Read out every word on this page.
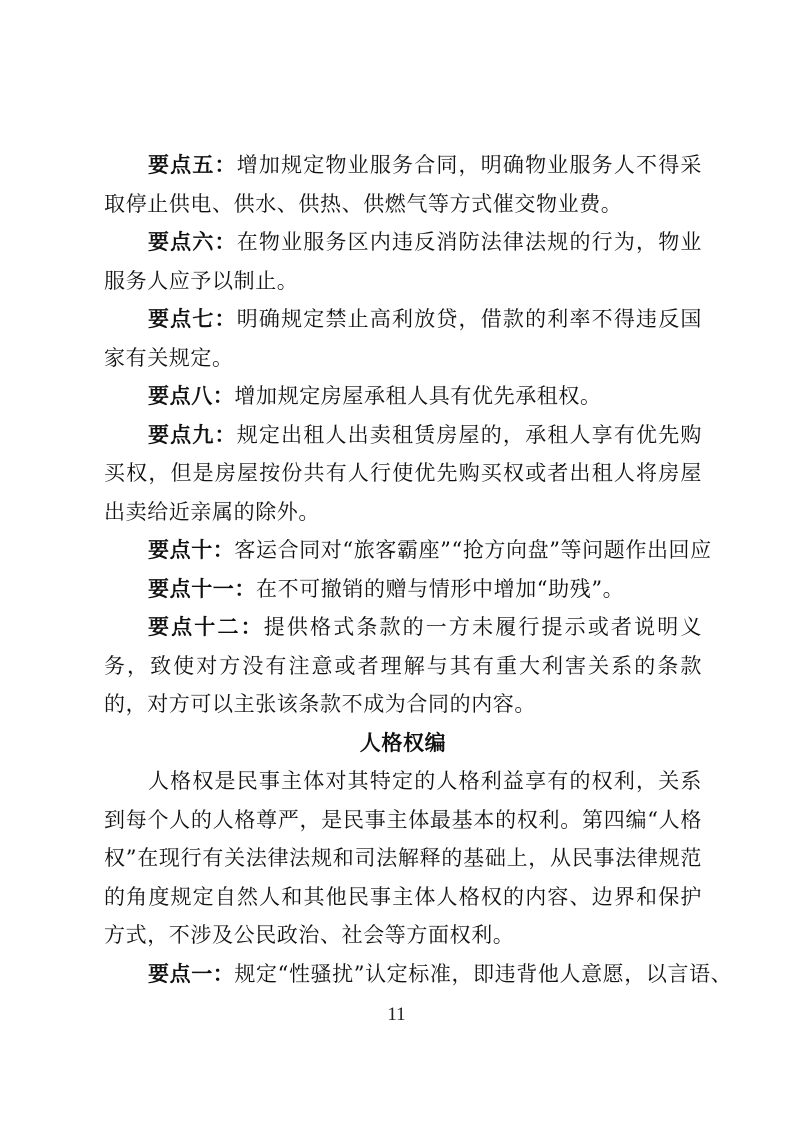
要点五：增加规定物业服务合同，明确物业服务人不得采取停止供电、供水、供热、供燃气等方式催交物业费。

要点六：在物业服务区内违反消防法律法规的行为，物业服务人应予以制止。

要点七：明确规定禁止高利放贷，借款的利率不得违反国家有关规定。

要点八：增加规定房屋承租人具有优先承租权。

要点九：规定出租人出卖租赁房屋的，承租人享有优先购买权，但是房屋按份共有人行使优先购买权或者出租人将房屋出卖给近亲属的除外。

要点十：客运合同对“旅客霸座”“抢方向盘”等问题作出回应

要点十一：在不可撤销的赠与情形中增加“助残”。

要点十二：提供格式条款的一方未履行提示或者说明义务，致使对方没有注意或者理解与其有重大利害关系的条款的，对方可以主张该条款不成为合同的内容。

人格权编

人格权是民事主体对其特定的人格利益享有的权利，关系到每个人的人格尊严，是民事主体最基本的权利。第四编“人格权”在现行有关法律法规和司法解释的基础上，从民事法律规范的角度规定自然人和其他民事主体人格权的内容、边界和保护方式，不涉及公民政治、社会等方面权利。

要点一：规定“性骚扰”认定标准，即违背他人意愿，以言语、

11
